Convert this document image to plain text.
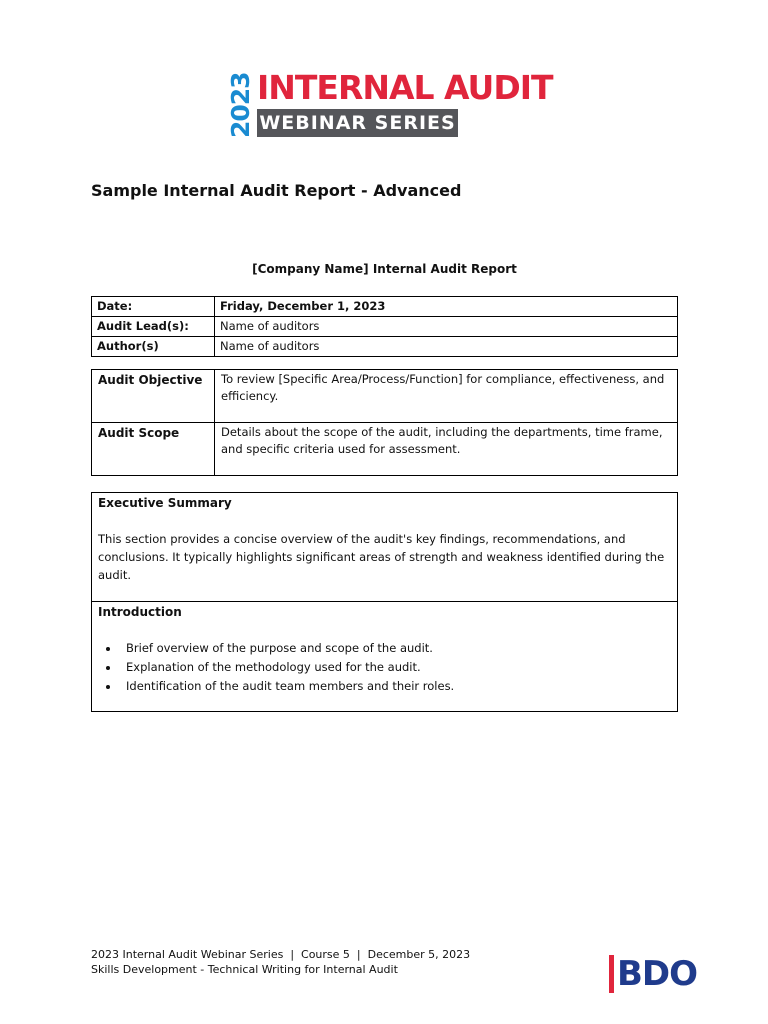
2023 INTERNAL AUDIT
WEBINAR SERIES
Sample Internal Audit Report - Advanced
[Company Name] Internal Audit Report
Date:	Friday, December 1, 2023
Audit Lead(s):	Name of auditors
Author(s)	Name of auditors
Audit Objective	To review [Specific Area/Process/Function] for compliance, effectiveness, and efficiency.
Audit Scope	Details about the scope of the audit, including the departments, time frame, and specific criteria used for assessment.

Executive Summary

This section provides a concise overview of the audit's key findings, recommendations, and conclusions. It typically highlights significant areas of strength and weakness identified during the audit.

Introduction

• Brief overview of the purpose and scope of the audit.
• Explanation of the methodology used for the audit.
• Identification of the audit team members and their roles.
2023 Internal Audit Webinar Series  |  Course 5  |  December 5, 2023
Skills Development - Technical Writing for Internal Audit	BDO
